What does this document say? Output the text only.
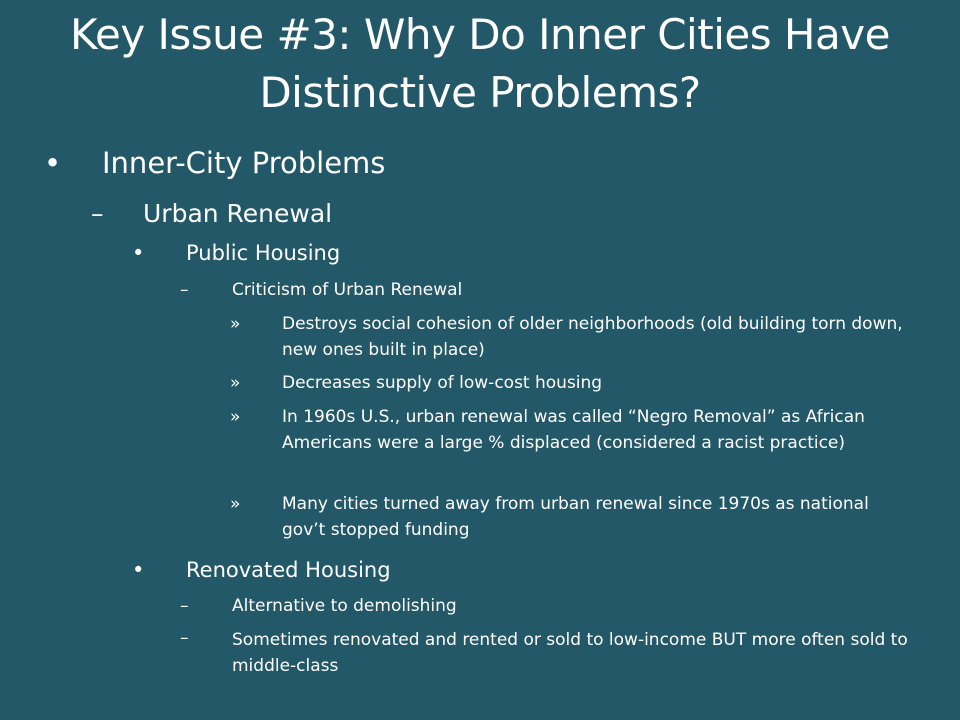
Key Issue #3: Why Do Inner Cities Have Distinctive Problems?
• Inner-City Problems
– Urban Renewal
• Public Housing
–	Criticism of Urban Renewal
» Destroys social cohesion of older neighborhoods (old building torn down, new ones built in place)
» Decreases supply of low-cost housing
» In 1960s U.S., urban renewal was called “Negro Removal” as African Americans were a large % displaced (considered a racist practice)
» Many cities turned away from urban renewal since 1970s as national gov’t stopped funding
• Renovated Housing
–	Alternative to demolishing
–	Sometimes renovated and rented or sold to low-income BUT more often sold to middle-class
